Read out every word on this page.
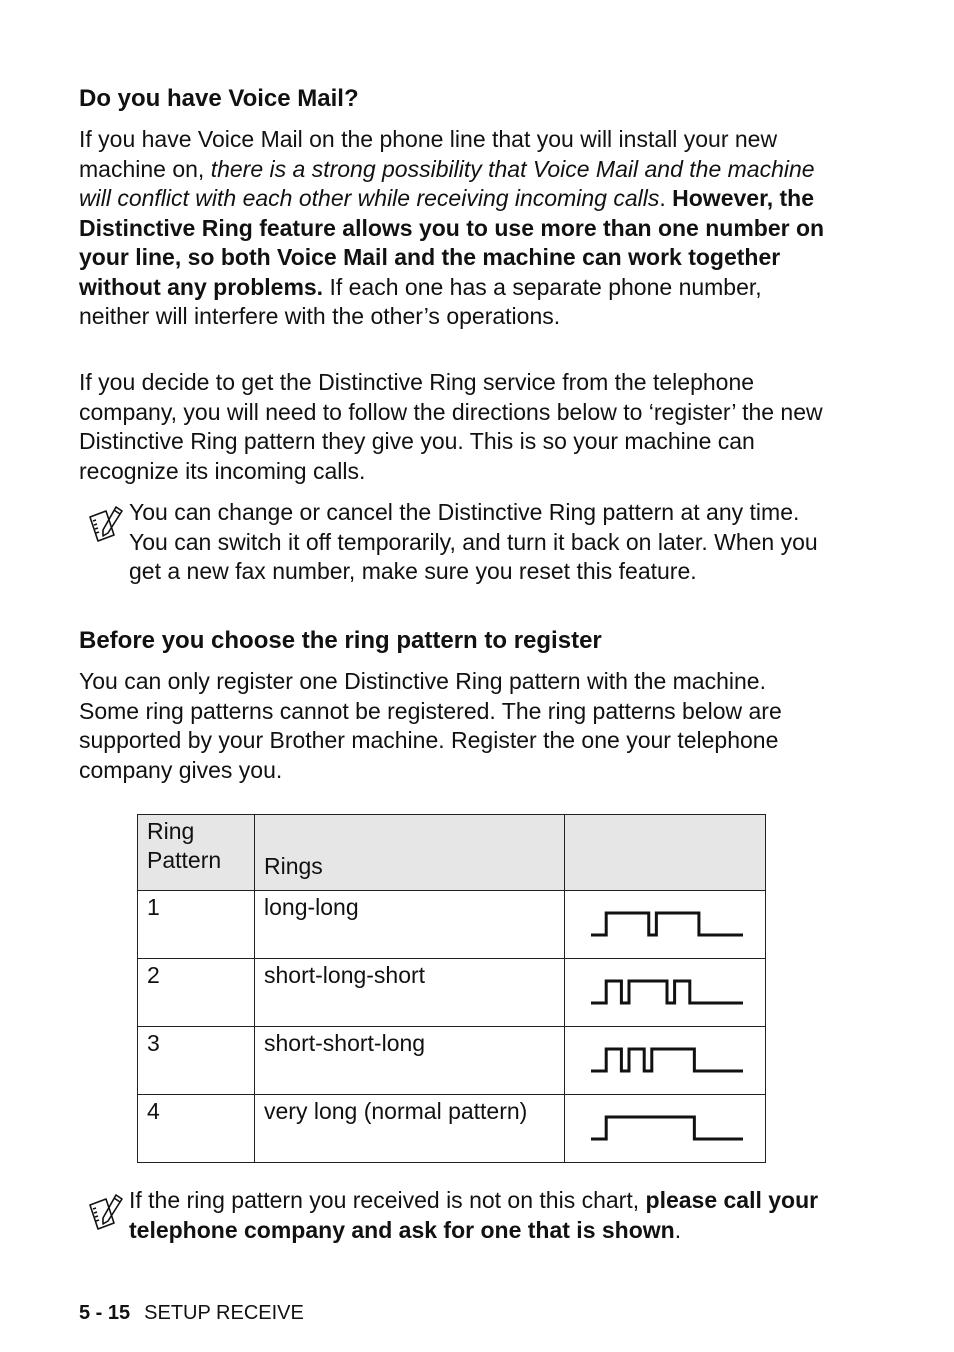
Do you have Voice Mail?

If you have Voice Mail on the phone line that you will install your new machine on, there is a strong possibility that Voice Mail and the machine will conflict with each other while receiving incoming calls. However, the Distinctive Ring feature allows you to use more than one number on your line, so both Voice Mail and the machine can work together without any problems. If each one has a separate phone number, neither will interfere with the other’s operations.

If you decide to get the Distinctive Ring service from the telephone company, you will need to follow the directions below to ‘register’ the new Distinctive Ring pattern they give you. This is so your machine can recognize its incoming calls.

You can change or cancel the Distinctive Ring pattern at any time. You can switch it off temporarily, and turn it back on later. When you get a new fax number, make sure you reset this feature.

Before you choose the ring pattern to register

You can only register one Distinctive Ring pattern with the machine. Some ring patterns cannot be registered. The ring patterns below are supported by your Brother machine. Register the one your telephone company gives you.

Ring Pattern	Rings	
1	long-long	

2	short-long-short	

3	short-short-long	

4	very long (normal pattern)	

If the ring pattern you received is not on this chart, please call your telephone company and ask for one that is shown.

5 - 15 SETUP RECEIVE
